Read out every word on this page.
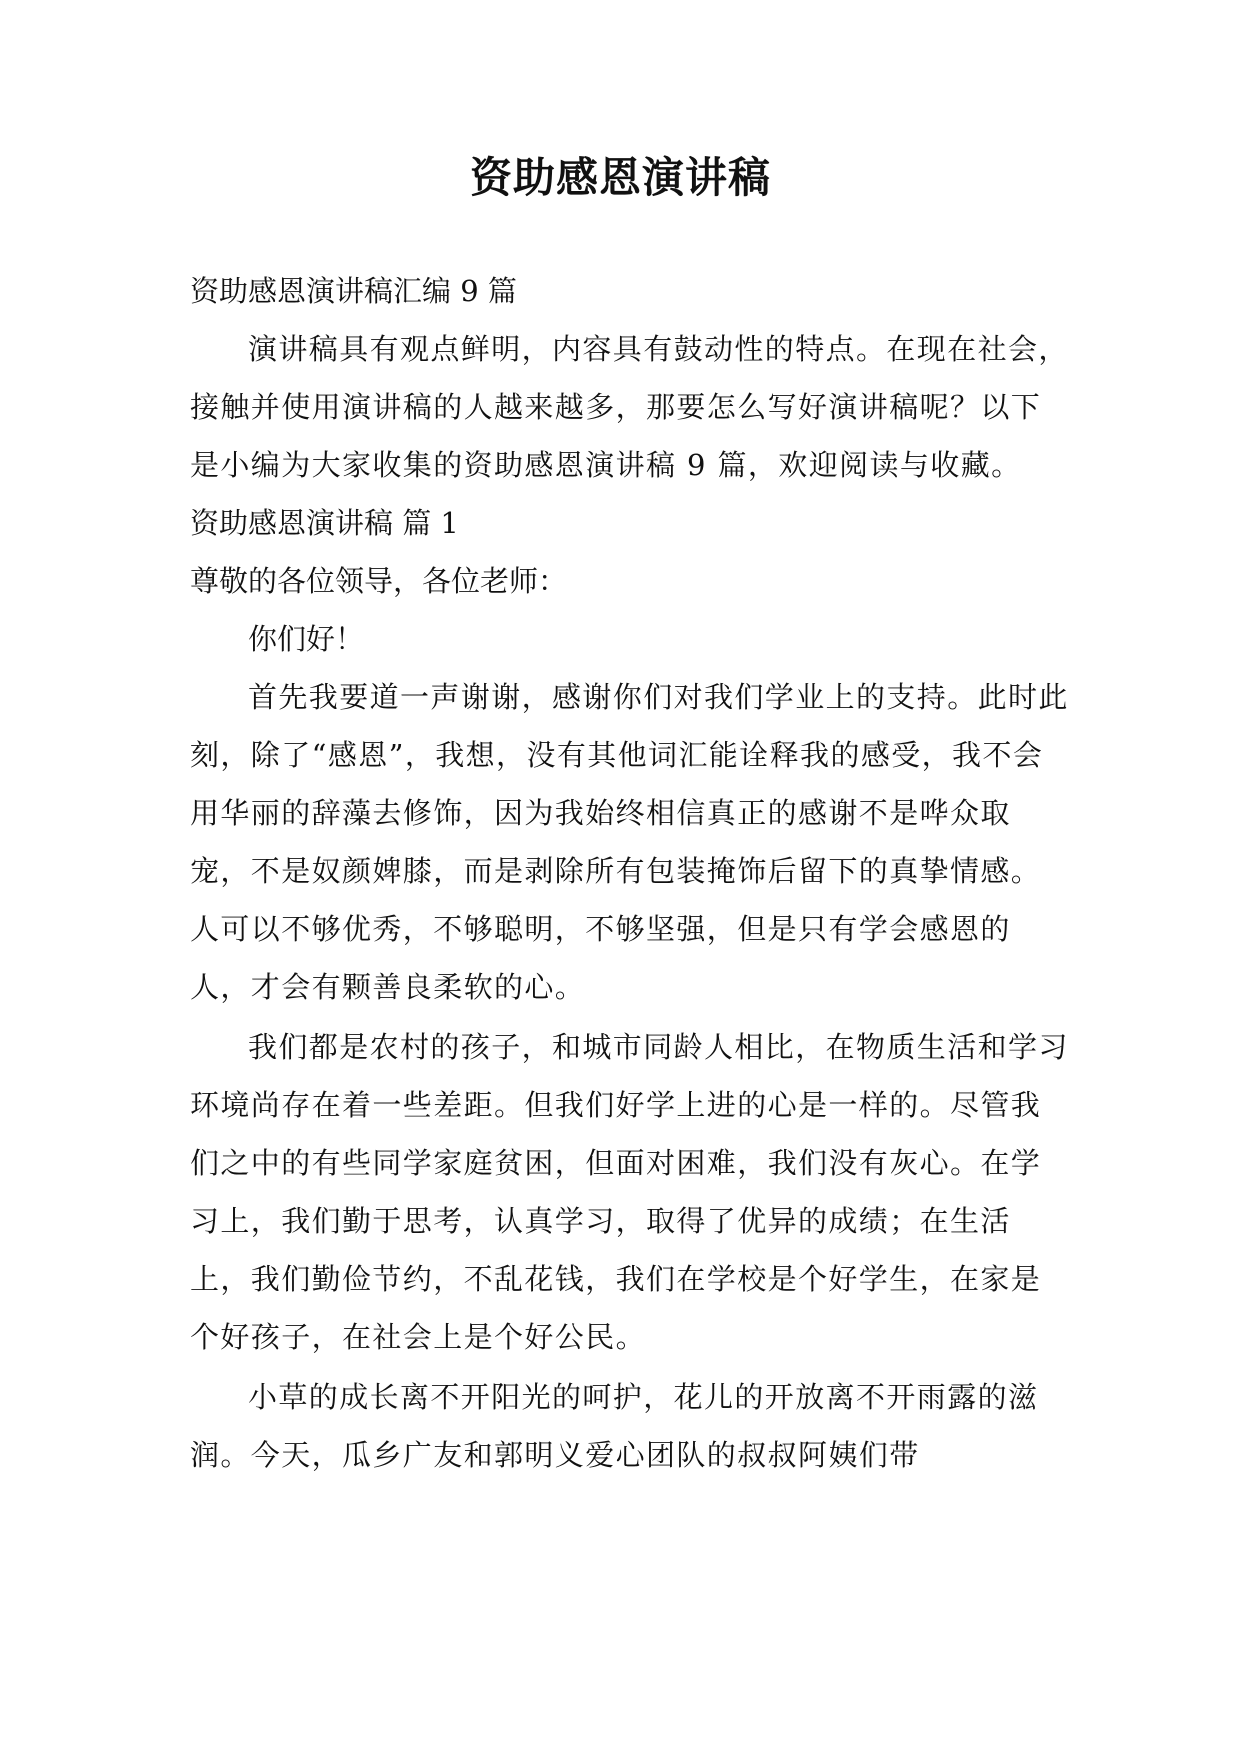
资助感恩演讲稿

资助感恩演讲稿汇编 9 篇

演讲稿具有观点鲜明，内容具有鼓动性的特点。在现在社会，接触并使用演讲稿的人越来越多，那要怎么写好演讲稿呢？以下是小编为大家收集的资助感恩演讲稿 9 篇，欢迎阅读与收藏。

资助感恩演讲稿 篇 1

尊敬的各位领导，各位老师：

你们好！

首先我要道一声谢谢，感谢你们对我们学业上的支持。此时此刻，除了“感恩”，我想，没有其他词汇能诠释我的感受，我不会用华丽的辞藻去修饰，因为我始终相信真正的感谢不是哗众取宠，不是奴颜婢膝，而是剥除所有包装掩饰后留下的真挚情感。人可以不够优秀，不够聪明，不够坚强，但是只有学会感恩的人，才会有颗善良柔软的心。

我们都是农村的孩子，和城市同龄人相比，在物质生活和学习环境尚存在着一些差距。但我们好学上进的心是一样的。尽管我们之中的有些同学家庭贫困，但面对困难，我们没有灰心。在学习上，我们勤于思考，认真学习，取得了优异的成绩；在生活上，我们勤俭节约，不乱花钱，我们在学校是个好学生，在家是个好孩子，在社会上是个好公民。

小草的成长离不开阳光的呵护，花儿的开放离不开雨露的滋润。今天，瓜乡广友和郭明义爱心团队的叔叔阿姨们带
